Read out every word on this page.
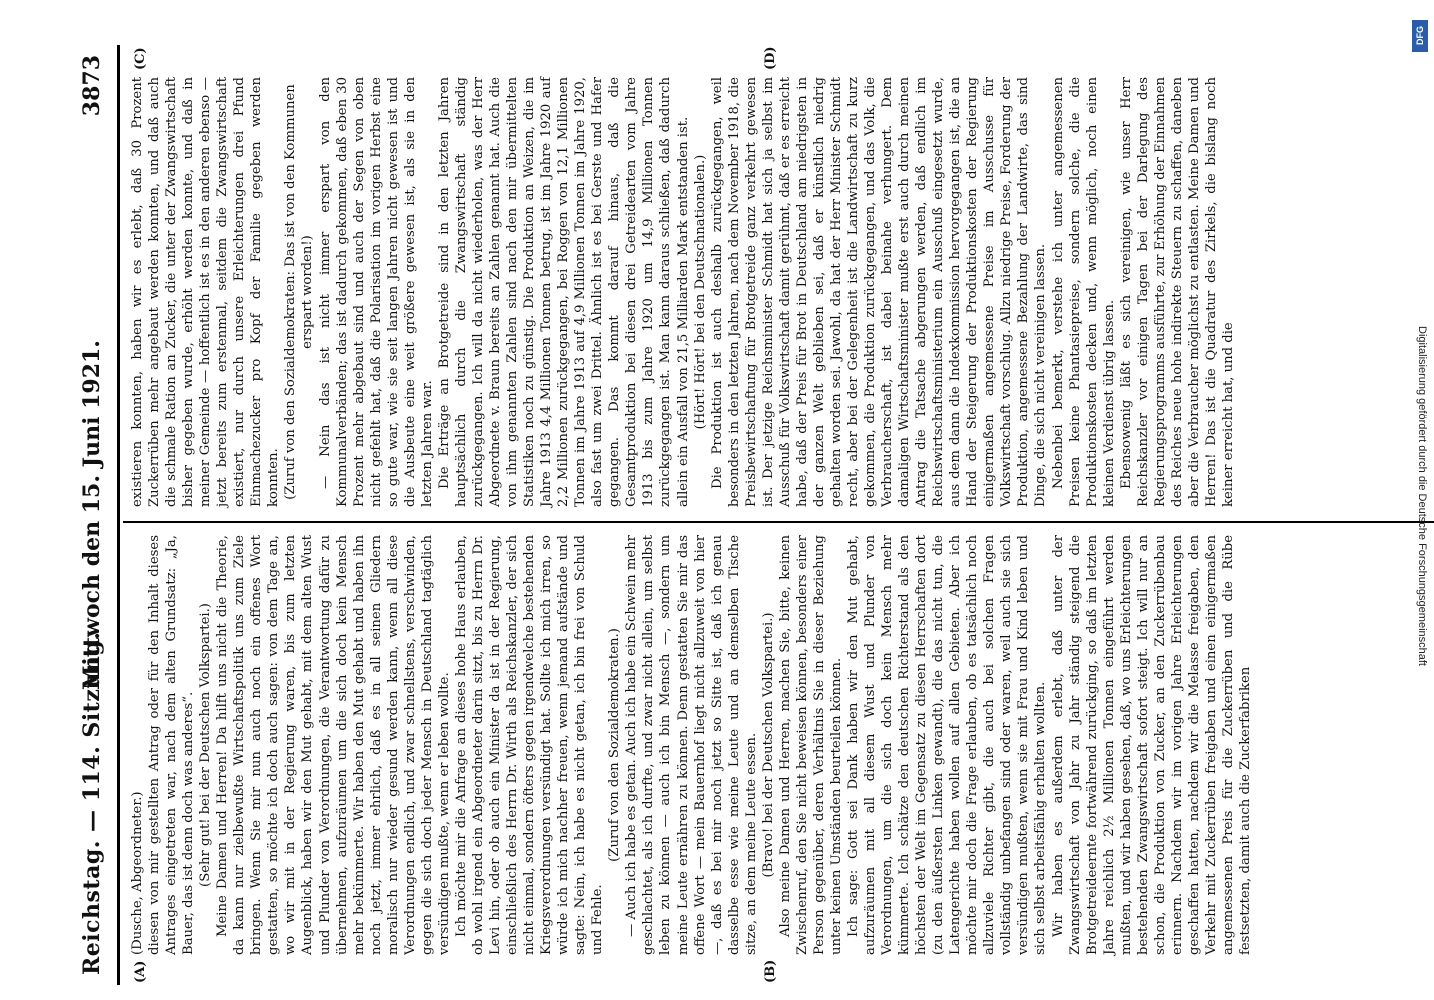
Reichstag. — 114. Sitzung.
Mittwoch den 15. Juni 1921.
3873
(A)	(B)
(C)	(D)

(Dusche, Abgeordneter.) diesen von mir gestellten Antrag oder für den Inhalt dieses Antrages eingetreten war, nach dem alten Grundsatz: „Ja, Bauer, das ist denn doch was anderes“. (Sehr gut! bei der Deutschen Volkspartei.) Meine Damen und Herren! Da hilft uns nicht die Theorie, da kann nur zielbewußte Wirtschaftspolitik uns zum Ziele bringen. Wenn Sie mir nun auch noch ein offenes Wort gestatten, so möchte ich doch auch sagen: von dem Tage an, wo wir mit in der Regierung waren, bis zum letzten Augenblick, haben wir den Mut gehabt, mit dem alten Wust und Plunder von Verordnungen, die Verantwortung dafür zu übernehmen, aufzuräumen um die sich doch kein Mensch mehr bekümmerte. Wir haben den Mut gehabt und haben ihn noch jetzt, immer ehrlich, daß es in all seinen Gliedern moralisch nur wieder gesund werden kann, wenn all diese Verordnungen endlich, und zwar schnellstens, verschwinden, gegen die sich doch jeder Mensch in Deutschland tagtäglich versündigen mußte, wenn er leben wollte. Ich möchte mir die Anfrage an dieses hohe Haus erlauben, ob wohl irgend ein Abgeordneter darin sitzt, bis zu Herrn Dr. Levi hin, oder ob auch ein Minister da ist in der Regierung, einschließlich des Herrn Dr. Wirth als Reichskanzler, der sich nicht einmal, sondern öfters gegen irgendwelche bestehenden Kriegsverordnungen versündigt hat. Sollte ich mich irren, so würde ich mich nachher freuen, wenn jemand aufstände und sagte: Nein, ich habe es nicht getan, ich bin frei von Schuld und Fehle.

(Zuruf von den Sozialdemokraten.) — Auch ich habe es getan. Auch ich habe ein Schwein mehr geschlachtet, als ich durfte, und zwar nicht allein, um selbst leben zu können — auch ich bin Mensch —, sondern um meine Leute ernähren zu können. Denn gestatten Sie mir das offene Wort — mein Bauernhof liegt nicht allzuweit von hier —, daß es bei mir noch jetzt so Sitte ist, daß ich genau dasselbe esse wie meine Leute und an demselben Tische sitze, an dem meine Leute essen. (Bravo! bei der Deutschen Volkspartei.) Also meine Damen und Herren, machen Sie, bitte, keinen Zwischenruf, den Sie nicht beweisen können, besonders einer Person gegenüber, deren Verhältnis Sie in dieser Beziehung unter keinen Umständen beurteilen können. Ich sage: Gott sei Dank haben wir den Mut gehabt, aufzuräumen mit all diesem Wust und Plunder von Verordnungen, um die sich doch kein Mensch mehr kümmerte. Ich schätze den deutschen Richterstand als den höchsten der Welt im Gegensatz zu diesen Herrschaften dort (zu den äußersten Linken gewandt), die das nicht tun, die Latengerichte haben wollen auf allen Gebieten. Aber ich möchte mir doch die Frage erlauben, ob es tatsächlich noch allzuviele Richter gibt, die auch bei solchen Fragen vollständig unbefangen sind oder waren, weil auch sie sich versündigen mußten, wenn sie mit Frau und Kind leben und sich selbst arbeitsfähig erhalten wollten. Wir haben es außerdem erlebt, daß unter der Zwangswirtschaft von Jahr zu Jahr ständig steigend die Brotgetreideernte fortwährend zurückging, so daß im letzten Jahre reichlich 2½ Millionen Tonnen eingeführt werden mußten, und wir haben gesehen, daß, wo uns Erleichterungen bestehenden Zwangswirtschaft sofort steigt. Ich will nur an schon, die Produktion von Zucker, an den Zuckerrübenbau erinnern. Nachdem wir im vorigen Jahre Erleichterungen geschaffen hatten, nachdem wir die Melasse freigaben, den Verkehr mit Zuckerrüben freigaben und einen einigermaßen angemessenen Preis für die Zuckerrüben und die Rübe festsetzten, damit auch die Zuckerfabriken

existieren konnten, haben wir es erlebt, daß 30 Prozent Zuckerrüben mehr angebaut werden konnten, und daß auch die schmale Ration an Zucker, die unter der Zwangswirtschaft bisher gegeben wurde, erhöht werden konnte, und daß in meiner Gemeinde — hoffentlich ist es in den anderen ebenso — jetzt bereits zum erstenmal, seitdem die Zwangswirtschaft existiert, nur durch unsere Erleichterungen drei Pfund Einmachezucker pro Kopf der Familie gegeben werden konnten. (Zuruf von den Sozialdemokraten: Das ist von den Kommunen erspart worden!) — Nein das ist nicht immer erspart von den Kommunalverbänden; das ist dadurch gekommen, daß eben 30 Prozent mehr abgebaut sind und auch der Segen von oben nicht gefehlt hat, daß die Polarisation im vorigen Herbst eine so gute war, wie sie seit langen Jahren nicht gewesen ist und die Ausbeute eine weit größere gewesen ist, als sie in den letzten Jahren war. Die Erträge an Brotgetreide sind in den letzten Jahren hauptsächlich durch die Zwangswirtschaft ständig zurückgegangen. Ich will da nicht wiederholen, was der Herr Abgeordnete v. Braun bereits an Zahlen genannt hat. Auch die von ihm genannten Zahlen sind nach den mir übermittelten Statistiken noch zu günstig. Die Produktion an Weizen, die im Jahre 1913 4,4 Millionen Tonnen betrug, ist im Jahre 1920 auf 2,2 Millionen zurückgegangen, bei Roggen von 12,1 Millionen Tonnen im Jahre 1913 auf 4,9 Millionen Tonnen im Jahre 1920, also fast um zwei Drittel. Ähnlich ist es bei Gerste und Hafer gegangen. Das kommt darauf hinaus, daß die Gesamtproduktion bei diesen drei Getreidearten vom Jahre 1913 bis zum Jahre 1920 um 14,9 Millionen Tonnen zurückgegangen ist. Man kann daraus schließen, daß dadurch allein ein Ausfall von 21,5 Milliarden Mark entstanden ist. (Hört! Hört! bei den Deutschnationalen.) Die Produktion ist auch deshalb zurückgegangen, weil besonders in den letzten Jahren, nach dem November 1918, die Preisbewirtschaftung für Brotgetreide ganz verkehrt gewesen ist. Der jetzige Reichsminister Schmidt hat sich ja selbst im Ausschuß für Volkswirtschaft damit gerühmt, daß er es erreicht habe, daß der Preis für Brot in Deutschland am niedrigsten in der ganzen Welt geblieben sei, daß er künstlich niedrig gehalten worden sei. Jawohl, da hat der Herr Minister Schmidt recht, aber bei der Gelegenheit ist die Landwirtschaft zu kurz gekommen, die Produktion zurückgegangen, und das Volk, die Verbraucherschaft, ist dabei beinahe verhungert. Dem damaligen Wirtschaftsminister mußte erst auch durch meinen Antrag die Tatsache abgerungen werden, daß endlich im Reichswirtschaftsministerium ein Ausschuß eingesetzt wurde, aus dem dann die Indexkommission hervorgegangen ist, die an Hand der Steigerung der Produktionskosten der Regierung einigermaßen angemessene Preise im Ausschusse für Volkswirtschaft vorschlug. Allzu niedrige Preise, Forderung der Produktion, angemessene Bezahlung der Landwirte, das sind Dinge, die sich nicht vereinigen lassen. Nebenbei bemerkt, verstehe ich unter angemessenen Preisen keine Phantasiepreise, sondern solche, die die Produktionskosten decken und, wenn möglich, noch einen kleinen Verdienst übrig lassen. Ebensowenig läßt es sich vereinigen, wie unser Herr Reichskanzler vor einigen Tagen bei der Darlegung des Regierungsprogramms ausführte, zur Erhöhung der Einnahmen des Reiches neue hohe indirekte Steuern zu schaffen, daneben aber die Verbraucher möglichst zu entlasten. Meine Damen und Herren! Das ist die Quadratur des Zirkels, die bislang noch keiner erreicht hat, und die

DFG
Digitalisierung gefördert durch die Deutsche Forschungsgemeinschaft
